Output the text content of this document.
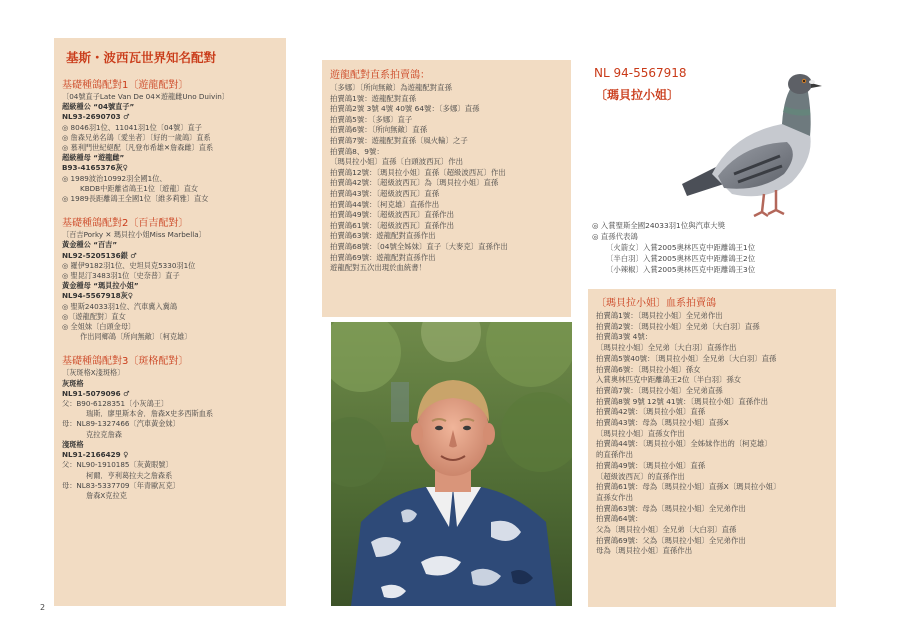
基斯・波西瓦世界知名配對
基礎種鴿配對1〔遊龍配對〕
〔04號直子Late Van De 04✕遊龍雌Uno Duivin〕
超級種公 “04號直子”
NL93-2690703 ♂
◎ 8046羽1位、11041羽1位〔04號〕直子
◎ 詹森兄弟名鴿〔愛坐者〕〔好的一歲鴿〕直系
◎ 慕利門世紀絕配〔凡登布希雄✕詹森雌〕直系
超級種母 “遊龍雌”
B93-4165376灰♀
◎ 1989波治10992羽全國1位、
KBDB中距離省鴿王1位〔遊龍〕直女
◎ 1989長距離鴿王全國1位〔維多莉雅〕直女
基礎種鴿配對2〔百吉配對〕
〔百吉Porky ✕ 瑪貝拉小姐Miss Marbella〕
黃金種公 “百吉”
NL92-5205136銀 ♂
◎ 羅伊9182羽1位、史坦貝克5330羽1位
◎ 聖昆汀3483羽1位〔史奈普〕直子
黃金種母 “瑪貝拉小姐”
NL94-5567918灰♀
◎ 聖斯24033羽1位、汽車冀入冀鴿
◎〔遊龍配對〕直女
◎ 全姐妹〔白頭金母〕
作出同鄉鴿〔所向無敵〕〔柯克雄〕
基礎種鴿配對3〔斑格配對〕
〔灰斑格X淺斑格〕
灰斑格
NL91-5079096 ♂
父：B90-6128351〔小灰鴿王〕
瑞斯．廖里斯本舍．詹森X史多西斯血系
母：NL89-1327466〔汽車黃金妹〕
克拉克詹森
淺斑格
NL91-2166429 ♀
父：NL90-1910185〔灰黃眼號〕
柯爾．亨利葛拉夫之詹森系
母：NL83-5337709〔年青歐瓦克〕
詹森X克拉克
遊龍配對直系拍賣鴿：
〔多娜〕〔所向無敵〕為遊龍配對直孫
拍賣鴿1號：遊龍配對直孫
拍賣鴿2號 3號 4號 40號 64號：〔多娜〕直孫
拍賣鴿5號：〔多娜〕直子
拍賣鴿6號：〔所向無敵〕直孫
拍賣鴿7號：遊龍配對直孫〔風火輪〕之子
拍賣鴿8、9號：
〔瑪貝拉小姐〕直孫〔白頭波西瓦〕作出
拍賣鴿12號：〔瑪貝拉小姐〕直孫〔超級波西瓦〕作出
拍賣鴿42號：〔超級波西瓦〕為〔瑪貝拉小姐〕直孫
拍賣鴿43號：〔超級波西瓦〕直孫
拍賣鴿44號：〔柯克雄〕直孫作出
拍賣鴿49號：〔超級波西瓦〕直孫作出
拍賣鴿61號：〔超級波西瓦〕直孫作出
拍賣鴿63號：遊龍配對直孫作出
拍賣鴿68號：〔04號全姊妹〕直子〔大麥克〕直孫作出
拍賣鴿69號：遊龍配對直孫作出
遊龍配對五次出現於血統書！
NL 94-5567918
〔瑪貝拉小姐〕
◎ 入賞聖斯全國24033羽1位與汽車大獎
◎ 直孫代表鴿
〔火箭女〕入賞2005奧林匹克中距離鴿王1位
〔半白羽〕入賞2005奧林匹克中距離鴿王2位
〔小辣椒〕入賞2005奧林匹克中距離鴿王3位
〔瑪貝拉小姐〕血系拍賣鴿
拍賣鴿1號：〔瑪貝拉小姐〕全兄弟作出
拍賣鴿2號：〔瑪貝拉小姐〕全兄弟〔大白羽〕直孫
拍賣鴿3號 4號：
〔瑪貝拉小姐〕全兄弟〔大白羽〕直孫作出
拍賣鴿5號40號：〔瑪貝拉小姐〕全兄弟〔大白羽〕直孫
拍賣鴿6號：〔瑪貝拉小姐〕孫女
入賞奧林匹克中距離鴿王2位〔半白羽〕孫女
拍賣鴿7號：〔瑪貝拉小姐〕全兄弟直孫
拍賣鴿8號 9號 12號 41號：〔瑪貝拉小姐〕直孫作出
拍賣鴿42號：〔瑪貝拉小姐〕直孫
拍賣鴿43號：母為〔瑪貝拉小姐〕直孫X
〔瑪貝拉小姐〕直孫女作出
拍賣鴿44號：〔瑪貝拉小姐〕全姊妹作出的〔柯克雄〕
的直孫作出
拍賣鴿49號：〔瑪貝拉小姐〕直孫
〔超級波西瓦〕的直孫作出
拍賣鴿61號：母為〔瑪貝拉小姐〕直孫X〔瑪貝拉小姐〕
直孫女作出
拍賣鴿63號：母為〔瑪貝拉小姐〕全兄弟作出
拍賣鴿64號：
父為〔瑪貝拉小姐〕全兄弟〔大白羽〕直孫
拍賣鴿69號：父為〔瑪貝拉小姐〕全兄弟作出
母為〔瑪貝拉小姐〕直孫作出
2
